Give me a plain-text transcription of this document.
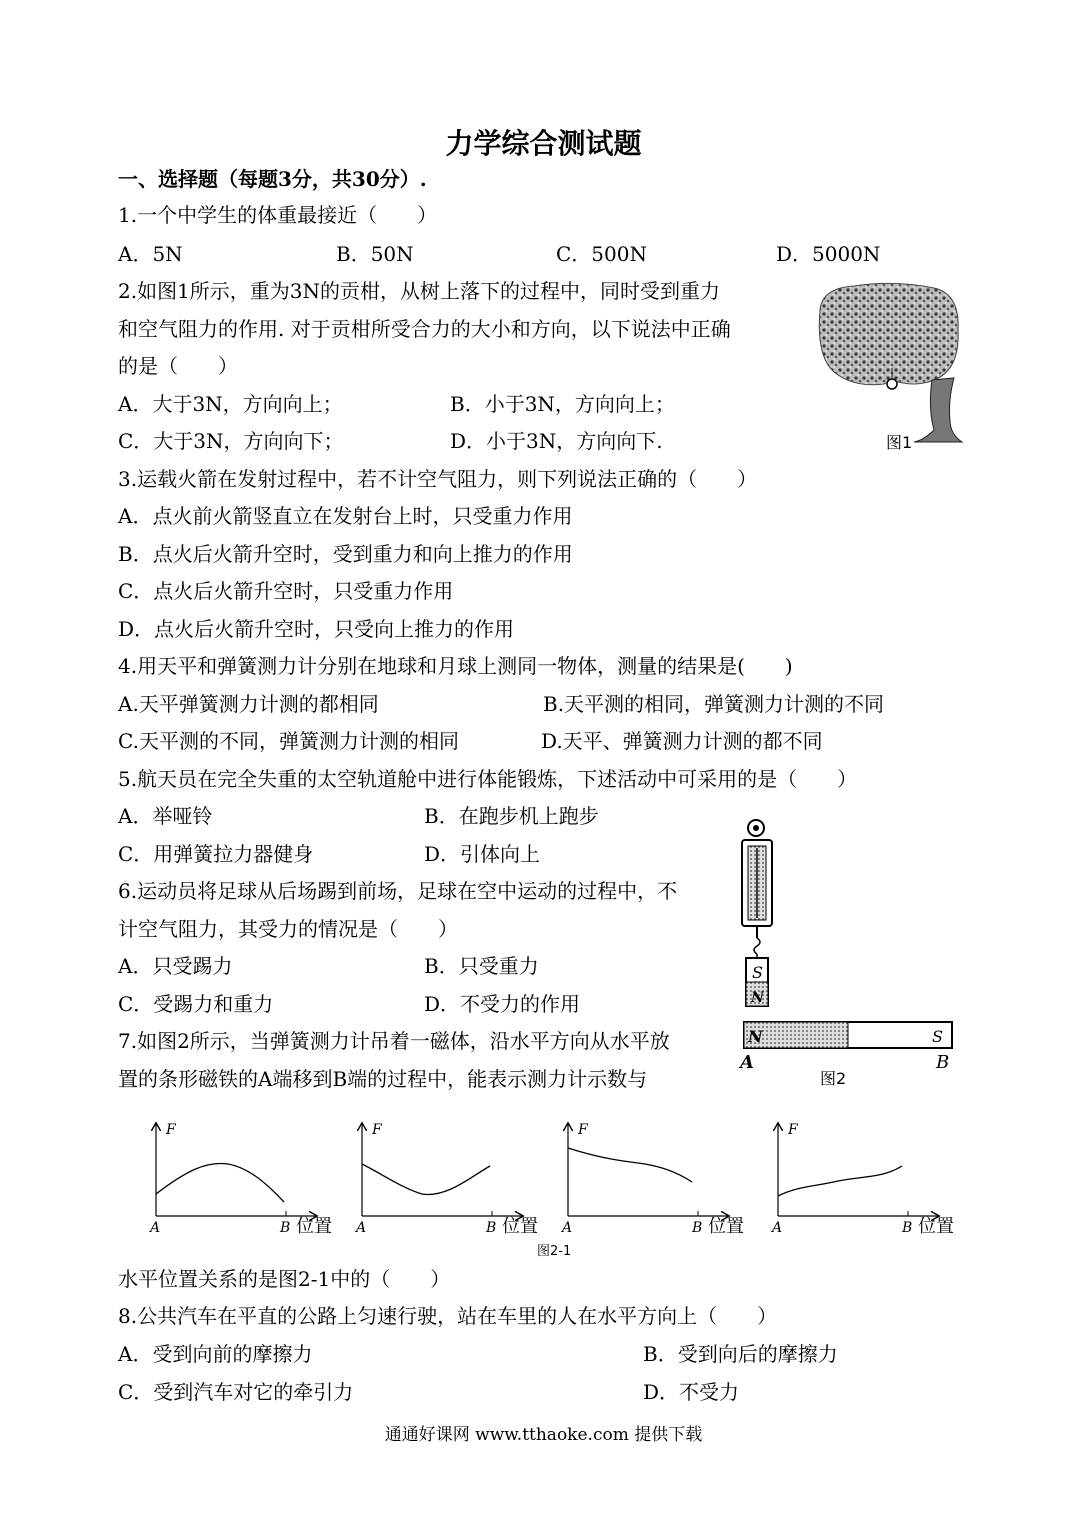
力学综合测试题
一、选择题（每题3分，共30分）.
1.一个中学生的体重最接近（　　）
A．5N	B．50N	C．500N	D．5000N
2.如图1所示，重为3N的贡柑，从树上落下的过程中，同时受到重力
和空气阻力的作用. 对于贡柑所受合力的大小和方向，以下说法中正确
的是（　　）
A．大于3N，方向向上；	B．小于3N，方向向上；
C．大于3N，方向向下；	D．小于3N，方向向下.	图1
3.运载火箭在发射过程中，若不计空气阻力，则下列说法正确的（　　）
A．点火前火箭竖直立在发射台上时，只受重力作用
B．点火后火箭升空时，受到重力和向上推力的作用
C．点火后火箭升空时，只受重力作用
D．点火后火箭升空时，只受向上推力的作用
4.用天平和弹簧测力计分别在地球和月球上测同一物体，测量的结果是(　　)
A.天平弹簧测力计测的都相同	B.天平测的相同，弹簧测力计测的不同
C.天平测的不同，弹簧测力计测的相同	D.天平、弹簧测力计测的都不同
5.航天员在完全失重的太空轨道舱中进行体能锻炼，下述活动中可采用的是（　　）
A．举哑铃	B．在跑步机上跑步
C．用弹簧拉力器健身	D．引体向上
6.运动员将足球从后场踢到前场，足球在空中运动的过程中，不
计空气阻力，其受力的情况是（　　）
A．只受踢力	B．只受重力
C．受踢力和重力	D．不受力的作用
7.如图2所示，当弹簧测力计吊着一磁体，沿水平方向从水平放
置的条形磁铁的A端移到B端的过程中，能表示测力计示数与
S
N
N	S
A	B
图2
F
A	B 位置
F
A	B 位置
F
A	B 位置
F
A	B 位置
图2-1
水平位置关系的是图2-1中的（　　）
8.公共汽车在平直的公路上匀速行驶，站在车里的人在水平方向上（　　）
A．受到向前的摩擦力	B．受到向后的摩擦力
C．受到汽车对它的牵引力	D．不受力
通通好课网 www.tthaoke.com 提供下载
